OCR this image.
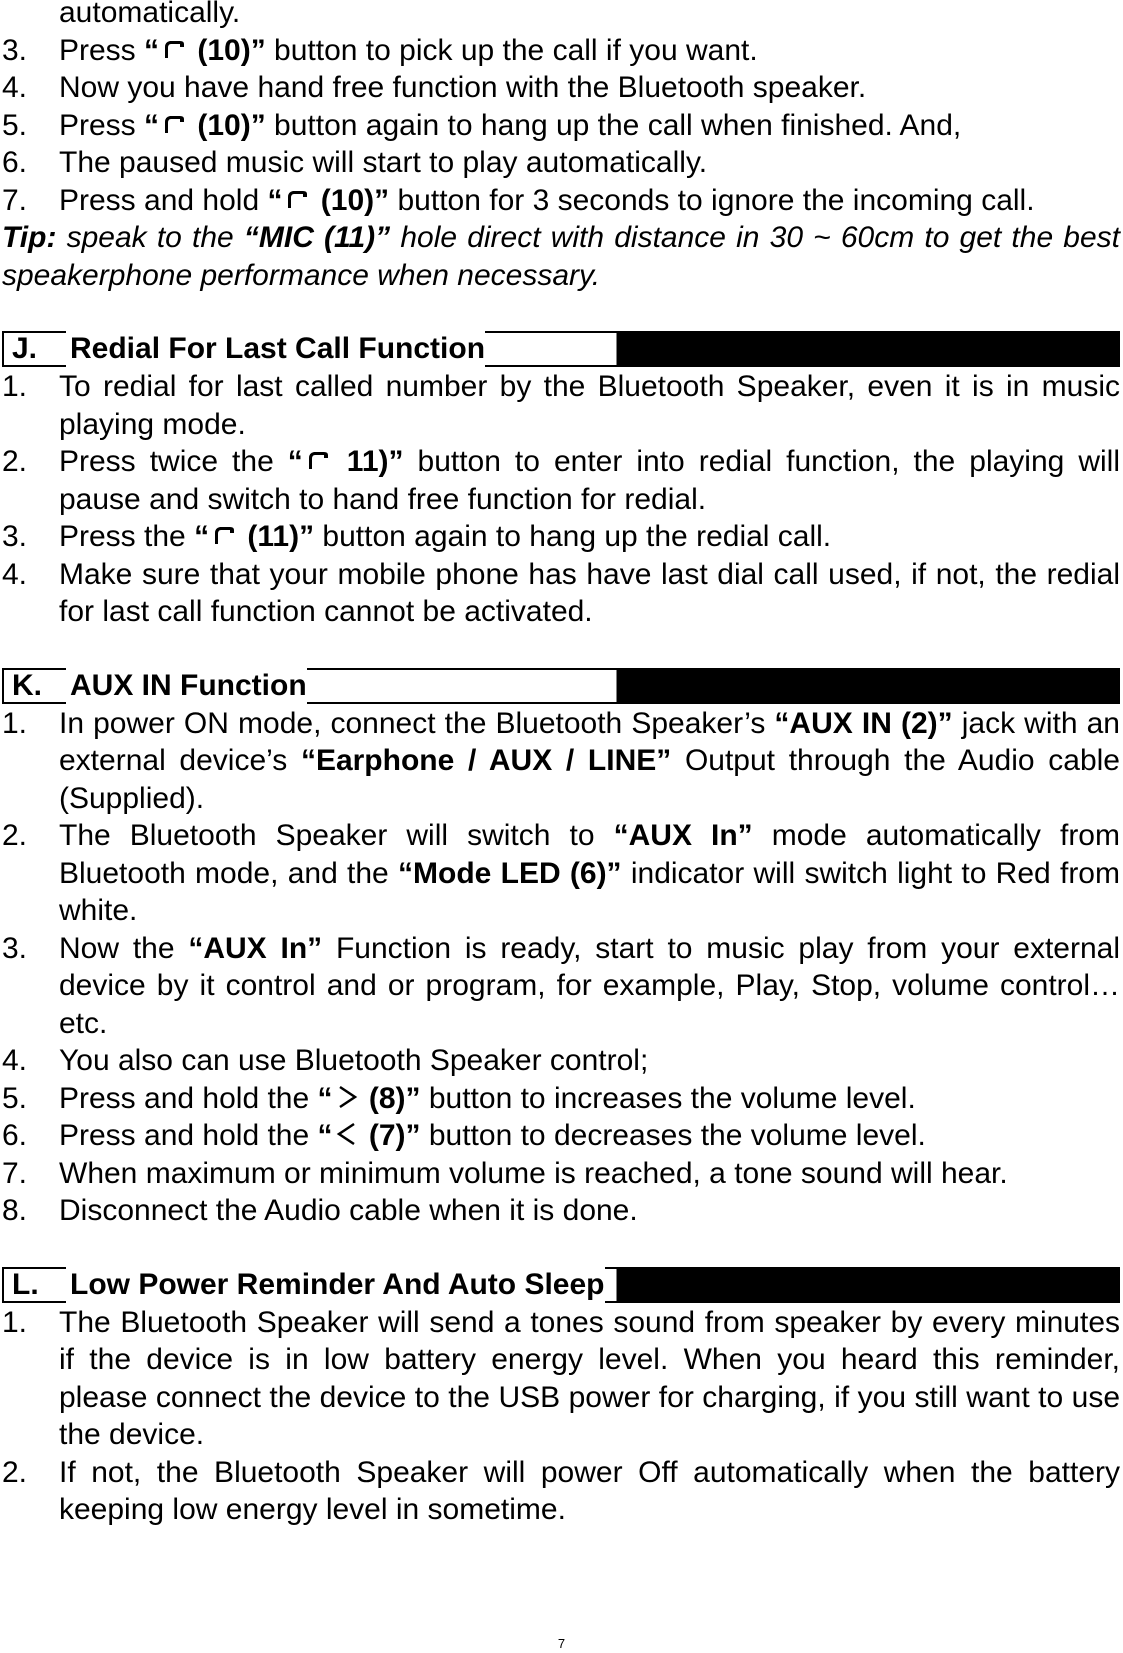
automatically.
3. Press “ (10)” button to pick up the call if you want.
4. Now you have hand free function with the Bluetooth speaker.
5. Press “ (10)” button again to hang up the call when finished. And,
6. The paused music will start to play automatically.
7. Press and hold “ (10)” button for 3 seconds to ignore the incoming call.
Tip: speak to the “MIC (11)” hole direct with distance in 30 ~ 60cm to get the best speakerphone performance when necessary.
J.	Redial For Last Call Function
1. To redial for last called number by the Bluetooth Speaker, even it is in music playing mode.
2. Press twice the “ 11)” button to enter into redial function, the playing will pause and switch to hand free function for redial.
3. Press the “ (11)” button again to hang up the redial call.
4. Make sure that your mobile phone has have last dial call used, if not, the redial for last call function cannot be activated.
K. AUX IN Function
1. In power ON mode, connect the Bluetooth Speaker’s “AUX IN (2)” jack with an external device’s “Earphone / AUX / LINE” Output through the Audio cable (Supplied).
2. The Bluetooth Speaker will switch to “AUX In” mode automatically from Bluetooth mode, and the “Mode LED (6)” indicator will switch light to Red from white.
3. Now the “AUX In” Function is ready, start to music play from your external device by it control and or program, for example, Play, Stop, volume control…etc.
4. You also can use Bluetooth Speaker control;
5. Press and hold the “ (8)” button to increases the volume level.
6. Press and hold the “ (7)” button to decreases the volume level.
7. When maximum or minimum volume is reached, a tone sound will hear.
8. Disconnect the Audio cable when it is done.
L.	Low Power Reminder And Auto Sleep
1. The Bluetooth Speaker will send a tones sound from speaker by every minutes if the device is in low battery energy level. When you heard this reminder, please connect the device to the USB power for charging, if you still want to use the device.
2. If not, the Bluetooth Speaker will power Off automatically when the battery keeping low energy level in sometime.
7
